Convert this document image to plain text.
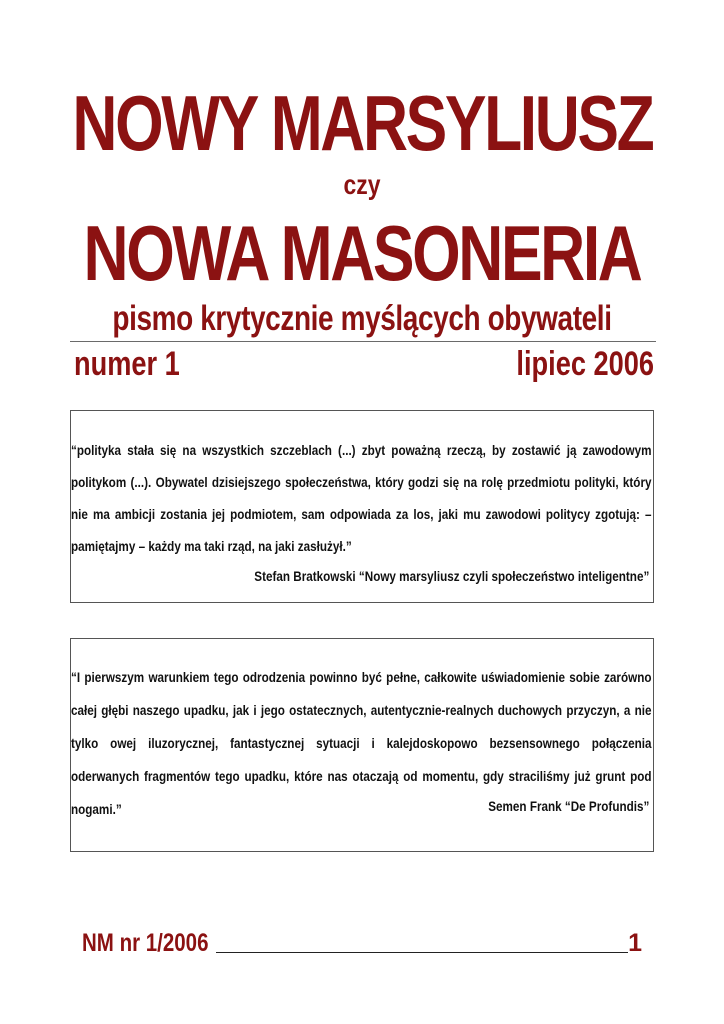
NOWY MARSYLIUSZ
czy
NOWA MASONERIA
pismo krytycznie myślących obywateli
numer 1	lipiec 2006
“polityka stała się na wszystkich szczeblach (...) zbyt poważną rzeczą, by zostawić ją zawodowym politykom (...). Obywatel dzisiejszego społeczeństwa, który godzi się na rolę przedmiotu polityki, który nie ma ambicji zostania jej podmiotem, sam odpowiada za los, jaki mu zawodowi politycy zgotują: – pamiętajmy – każdy ma taki rząd, na jaki zasłużył.”
Stefan Bratkowski “Nowy marsyliusz czyli społeczeństwo inteligentne”
“I pierwszym warunkiem tego odrodzenia powinno być pełne, całkowite uświadomienie sobie zarówno całej głębi naszego upadku, jak i jego ostatecznych, autentycznie-realnych duchowych przyczyn, a nie tylko owej iluzorycznej, fantastycznej sytuacji i kalejdoskopowo bezsensownego połączenia oderwanych fragmentów tego upadku, które nas otaczają od momentu, gdy straciliśmy już grunt pod nogami.”	Semen Frank “De Profundis”
NM nr 1/2006	1
